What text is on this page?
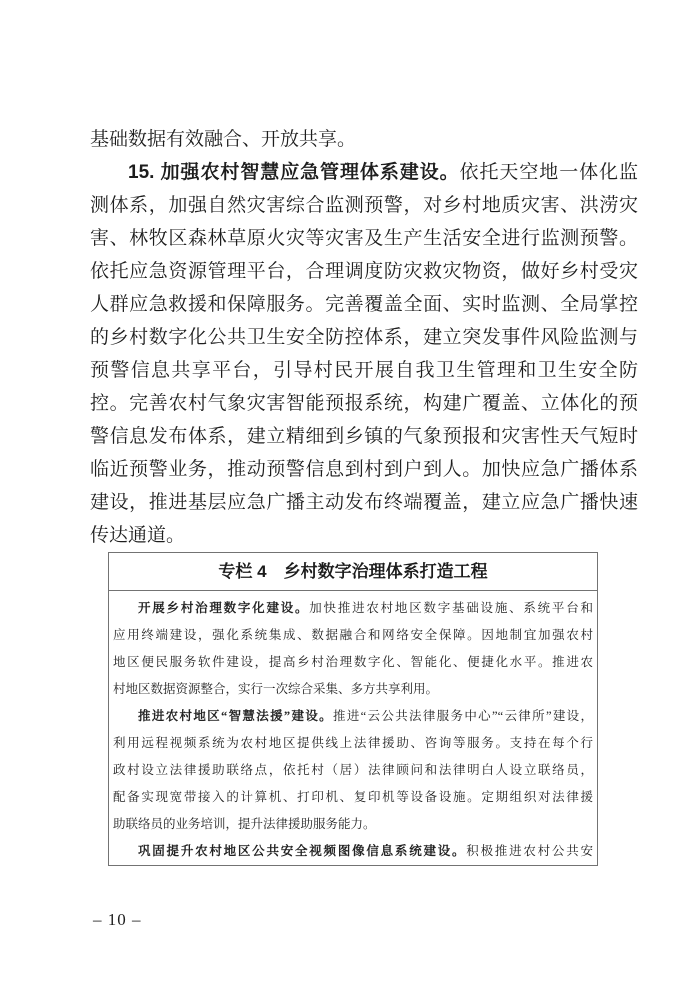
基础数据有效融合、开放共享。
15. 加强农村智慧应急管理体系建设。依托天空地一体化监
测体系，加强自然灾害综合监测预警，对乡村地质灾害、洪涝灾
害、林牧区森林草原火灾等灾害及生产生活安全进行监测预警。
依托应急资源管理平台，合理调度防灾救灾物资，做好乡村受灾
人群应急救援和保障服务。完善覆盖全面、实时监测、全局掌控
的乡村数字化公共卫生安全防控体系，建立突发事件风险监测与
预警信息共享平台，引导村民开展自我卫生管理和卫生安全防
控。完善农村气象灾害智能预报系统，构建广覆盖、立体化的预
警信息发布体系，建立精细到乡镇的气象预报和灾害性天气短时
临近预警业务，推动预警信息到村到户到人。加快应急广播体系
建设，推进基层应急广播主动发布终端覆盖，建立应急广播快速
传达通道。
专栏 4　乡村数字治理体系打造工程
开展乡村治理数字化建设。加快推进农村地区数字基础设施、系统平台和
应用终端建设，强化系统集成、数据融合和网络安全保障。因地制宜加强农村
地区便民服务软件建设，提高乡村治理数字化、智能化、便捷化水平。推进农
村地区数据资源整合，实行一次综合采集、多方共享利用。
推进农村地区“智慧法援”建设。推进“云公共法律服务中心”“云律所”建设，
利用远程视频系统为农村地区提供线上法律援助、咨询等服务。支持在每个行
政村设立法律援助联络点，依托村（居）法律顾问和法律明白人设立联络员，
配备实现宽带接入的计算机、打印机、复印机等设备设施。定期组织对法律援
助联络员的业务培训，提升法律援助服务能力。
巩固提升农村地区公共安全视频图像信息系统建设。积极推进农村公共安
– 10 –
